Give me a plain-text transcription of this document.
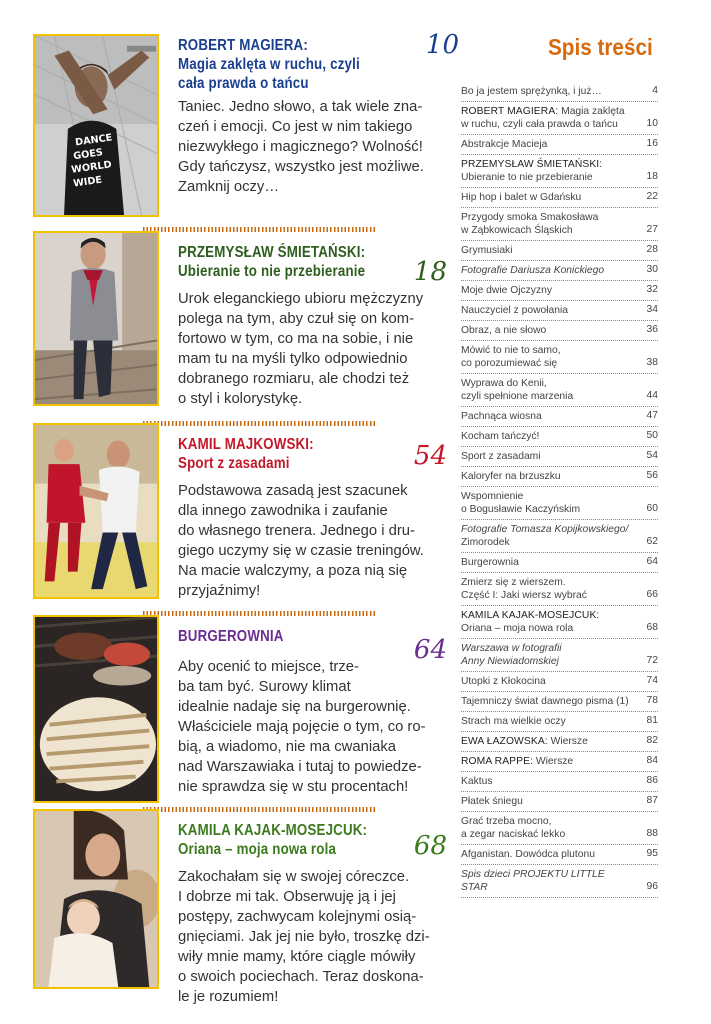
DANCE
GOES
WORLD
WIDE
ROBERT MAGIERA:
Magia zaklęta w ruchu, czyli
cała prawda o tańcu
10
Taniec. Jedno słowo, a tak wiele zna-
czeń i emocji. Co jest w nim takiego
niezwykłego i magicznego? Wolność!
Gdy tańczysz, wszystko jest możliwe.
Zamknij oczy…
PRZEMYSŁAW ŚMIETAŃSKI:
Ubieranie to nie przebieranie	18
Urok eleganckiego ubioru mężczyzny
polega na tym, aby czuł się on kom-
fortowo w tym, co ma na sobie, i nie
mam tu na myśli tylko odpowiednio
dobranego rozmiaru, ale chodzi też
o styl i kolorystykę.
KAMIL MAJKOWSKI:
Sport z zasadami	54
Podstawowa zasadą jest szacunek
dla innego zawodnika i zaufanie
do własnego trenera. Jednego i dru-
giego uczymy się w czasie treningów.
Na macie walczymy, a poza nią się
przyjaźnimy!
BURGEROWNIA	64
Aby ocenić to miejsce, trze-
ba tam być. Surowy klimat
idealnie nadaje się na burgerownię.
Właściciele mają pojęcie o tym, co ro-
bią, a wiadomo, nie ma cwaniaka
nad Warszawiaka i tutaj to powiedze-
nie sprawdza się w stu procentach!
KAMILA KAJAK-MOSEJCUK:
Oriana – moja nowa rola	68
Zakochałam się w swojej córeczce.
I dobrze mi tak. Obserwuję ją i jej
postępy, zachwycam kolejnymi osią-
gnięciami. Jak jej nie było, troszkę dzi-
wiły mnie mamy, które ciągle mówiły
o swoich pociechach. Teraz doskona-
le je rozumiem!
Spis treści
Bo ja jestem sprężynką, i już…	4
ROBERT MAGIERA: Magia zaklęta
w ruchu, czyli cała prawda o tańcu	10
Abstrakcje Macieja	16
PRZEMYSŁAW ŚMIETAŃSKI:
Ubieranie to nie przebieranie	18
Hip hop i balet w Gdańsku	22
Przygody smoka Smakosława
w Ząbkowicach Śląskich	27
Grymusiaki	28
Fotografie Dariusza Konickiego	30
Moje dwie Ojczyzny	32
Nauczyciel z powołania	34
Obraz, a nie słowo	36
Mówić to nie to samo,
co porozumiewać się	38
Wyprawa do Kenii,
czyli spełnione marzenia	44
Pachnąca wiosna	47
Kocham tańczyć!	50
Sport z zasadami	54
Kaloryfer na brzuszku	56
Wspomnienie
o Bogusławie Kaczyńskim	60
Fotografie Tomasza Kopijkowskiego/
Zimorodek	62
Burgerownia	64
Zmierz się z wierszem.
Część I: Jaki wiersz wybrać	66
KAMILA KAJAK-MOSEJCUK:
Oriana – moja nowa rola	68
Warszawa w fotografii
Anny Niewiadomskiej	72
Utopki z Kłokocina	74
Tajemniczy świat dawnego pisma (1) 78
Strach ma wielkie oczy	81
EWA ŁAZOWSKA: Wiersze	82
ROMA RAPPE: Wiersze	84
Kaktus	86
Płatek śniegu	87
Grać trzeba mocno,
a zegar naciskać lekko	88
Afganistan. Dowódca plutonu	95
Spis dzieci PROJEKTU LITTLE STAR	96
